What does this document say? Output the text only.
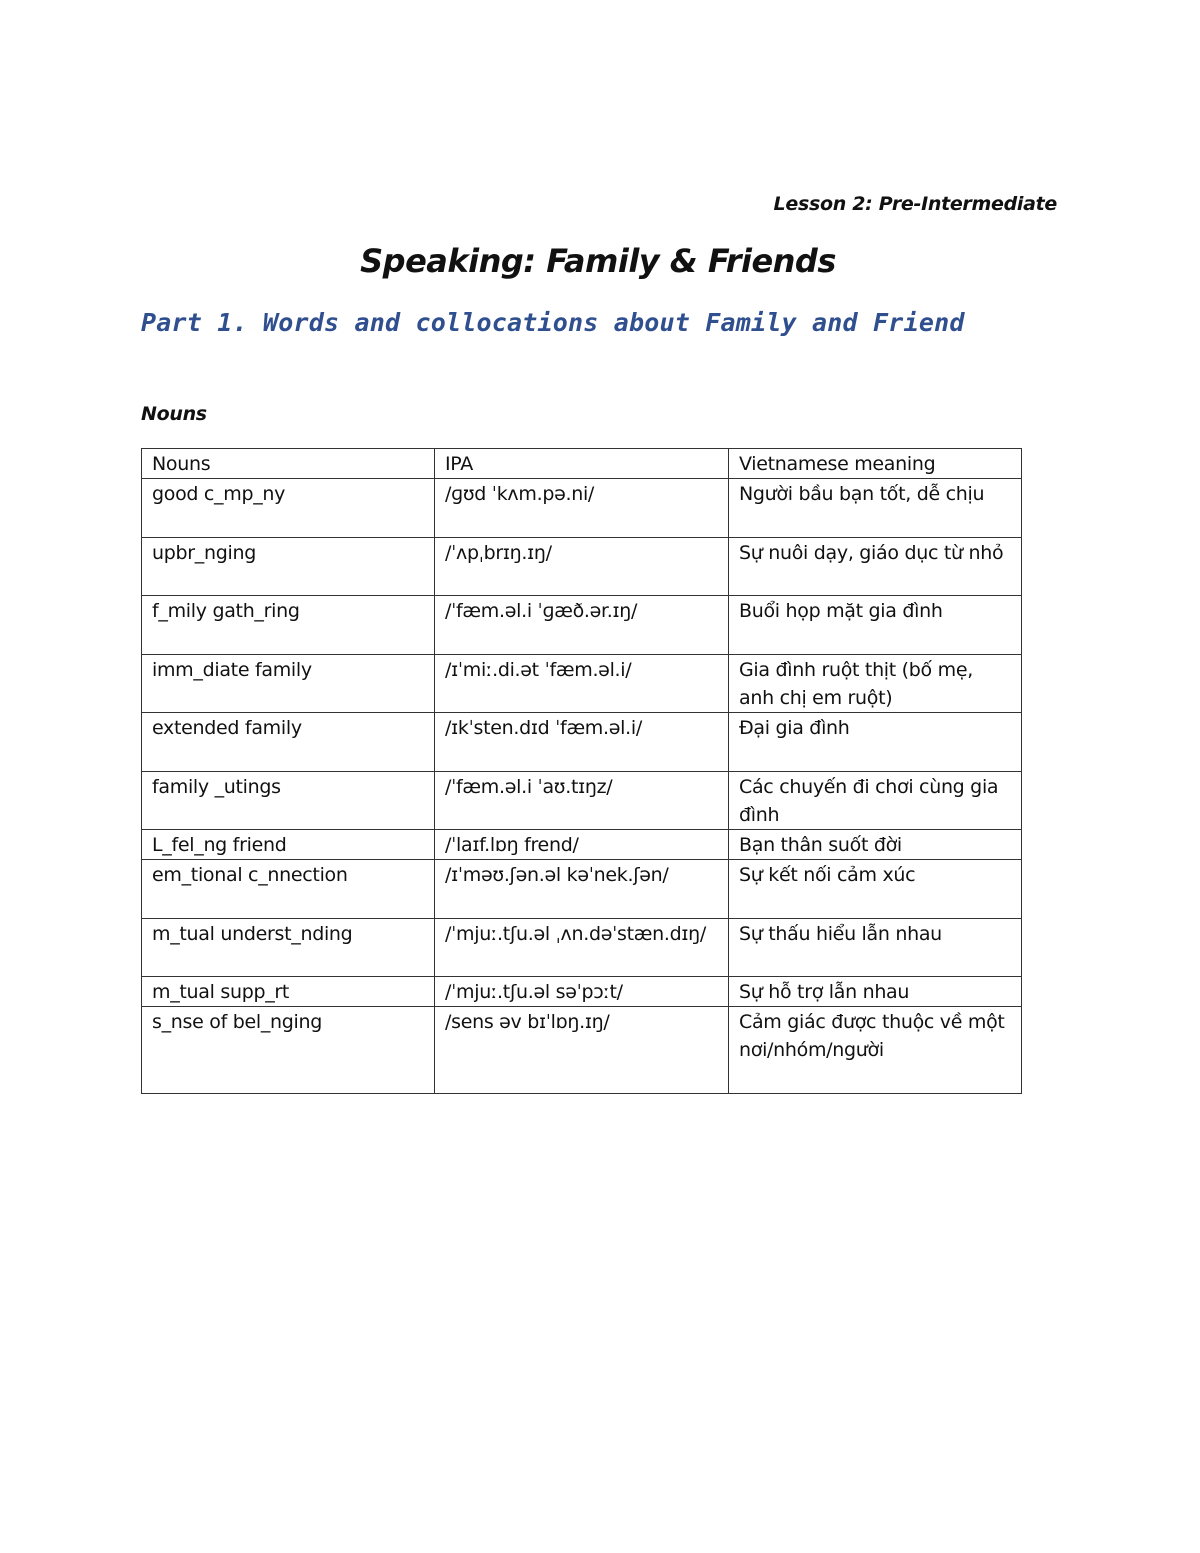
Lesson 2: Pre-Intermediate
Speaking: Family & Friends
Part 1. Words and collocations about Family and Friend
Nouns
Nouns	IPA	Vietnamese meaning
good c_mp_ny	/ɡʊd ˈkʌm.pə.ni/	Người bầu bạn tốt, dễ chịu
upbr_nging	/ˈʌpˌbrɪŋ.ɪŋ/	Sự nuôi dạy, giáo dục từ nhỏ
f_mily gath_ring	/ˈfæm.əl.i ˈɡæð.ər.ɪŋ/	Buổi họp mặt gia đình
imm_diate family	/ɪˈmiː.di.ət ˈfæm.əl.i/	Gia đình ruột thịt (bố mẹ, anh chị em ruột)
extended family	/ɪkˈsten.dɪd ˈfæm.əl.i/	Đại gia đình
family _utings	/ˈfæm.əl.i ˈaʊ.tɪŋz/	Các chuyến đi chơi cùng gia đình
L_fel_ng friend	/ˈlaɪf.lɒŋ frend/	Bạn thân suốt đời
em_tional c_nnection	/ɪˈməʊ.ʃən.əl kəˈnek.ʃən/	Sự kết nối cảm xúc
m_tual underst_nding	/ˈmjuː.tʃu.əl ˌʌn.dəˈstæn.dɪŋ/	Sự thấu hiểu lẫn nhau
m_tual supp_rt	/ˈmjuː.tʃu.əl səˈpɔːt/	Sự hỗ trợ lẫn nhau
s_nse of bel_nging	/sens əv bɪˈlɒŋ.ɪŋ/	Cảm giác được thuộc về một nơi/nhóm/người
